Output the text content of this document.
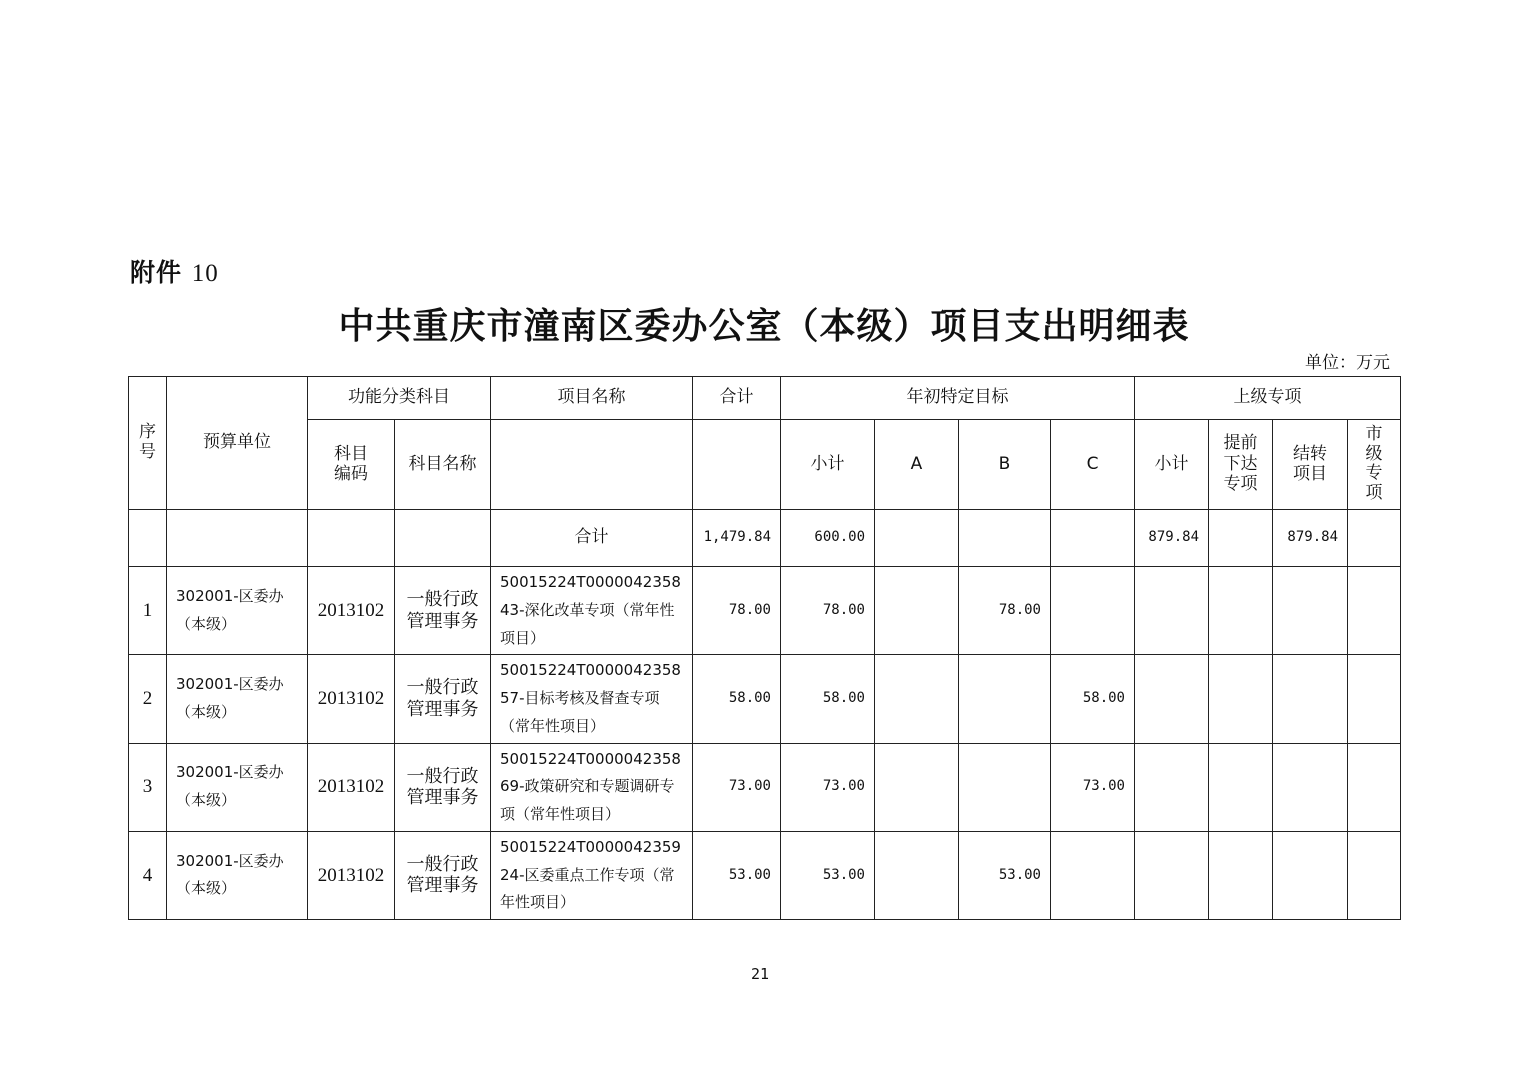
附件 10
中共重庆市潼南区委办公室（本级）项目支出明细表
单位：万元
序号	预算单位	功能分类科目		项目名称	合计	年初特定目标				上级专项			
		科目编码	科目名称			小计	A	B	C	小计	提前下达专项	结转项目	市级专项
				合计	1,479.84	600.00				879.84		879.84	
1	302001-区委办（本级）	2013102	一般行政管理事务	50015224T000004235843-深化改革专项（常年性项目）	78.00	78.00		78.00					
2	302001-区委办（本级）	2013102	一般行政管理事务	50015224T000004235857-目标考核及督查专项（常年性项目）	58.00	58.00			58.00				
3	302001-区委办（本级）	2013102	一般行政管理事务	50015224T000004235869-政策研究和专题调研专项（常年性项目）	73.00	73.00			73.00				
4	302001-区委办（本级）	2013102	一般行政管理事务	50015224T000004235924-区委重点工作专项（常年性项目）	53.00	53.00		53.00					
21
